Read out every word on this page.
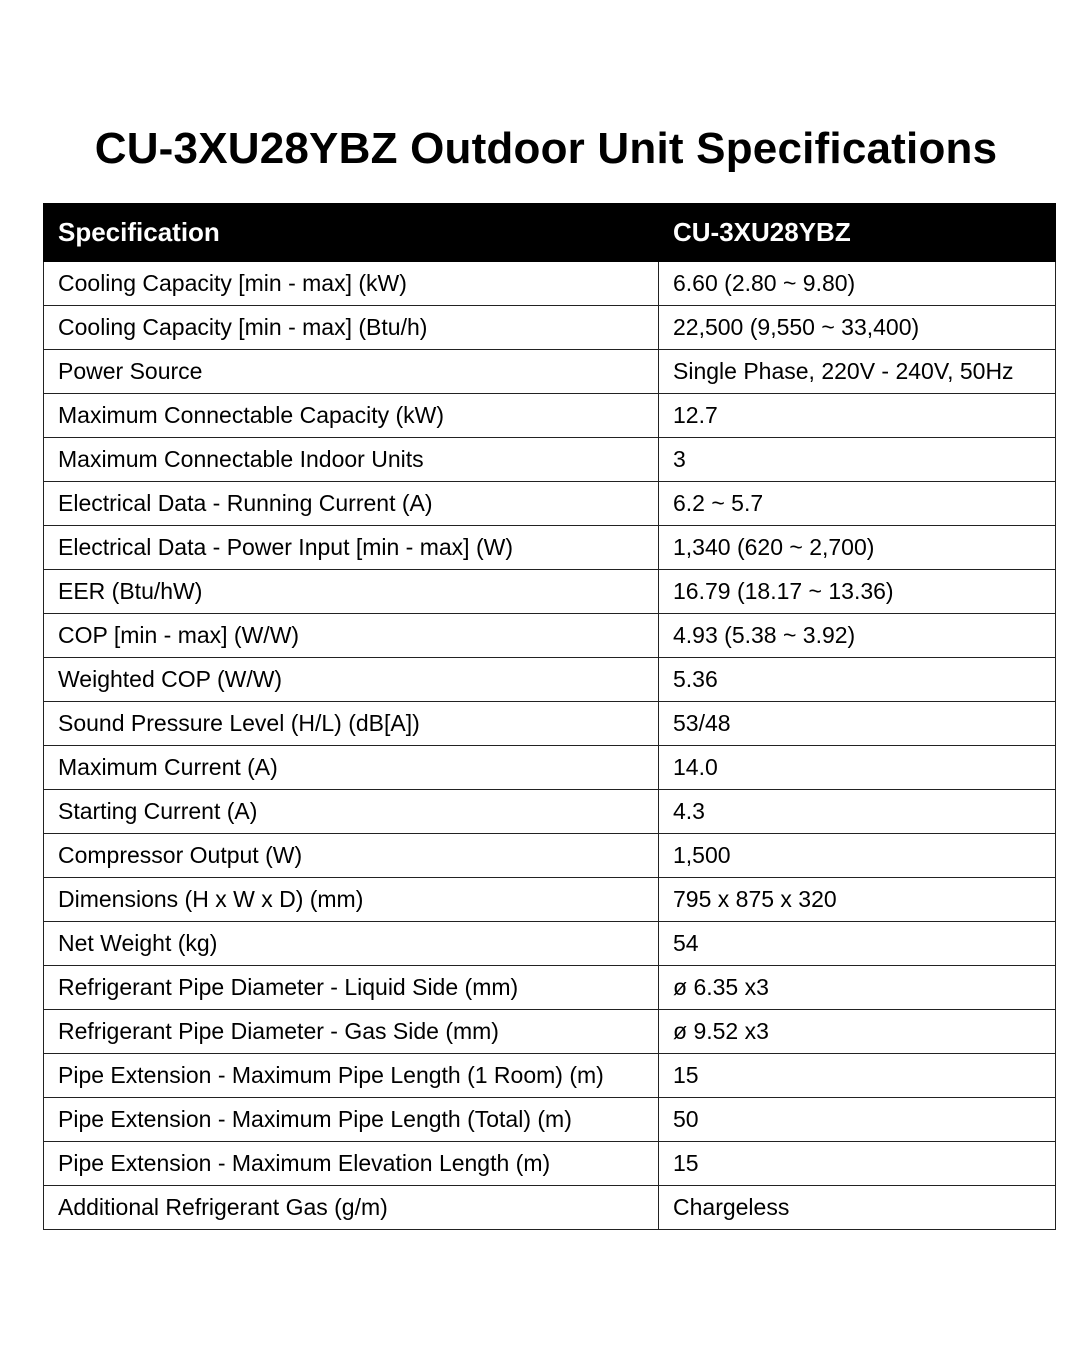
CU-3XU28YBZ Outdoor Unit Specifications
Specification	CU-3XU28YBZ
Cooling Capacity [min - max] (kW)	6.60 (2.80 ~ 9.80)
Cooling Capacity [min - max] (Btu/h)	22,500 (9,550 ~ 33,400)
Power Source	Single Phase, 220V - 240V, 50Hz
Maximum Connectable Capacity (kW)	12.7
Maximum Connectable Indoor Units	3
Electrical Data - Running Current (A)	6.2 ~ 5.7
Electrical Data - Power Input [min - max] (W)	1,340 (620 ~ 2,700)
EER (Btu/hW)	16.79 (18.17 ~ 13.36)
COP [min - max] (W/W)	4.93 (5.38 ~ 3.92)
Weighted COP (W/W)	5.36
Sound Pressure Level (H/L) (dB[A])	53/48
Maximum Current (A)	14.0
Starting Current (A)	4.3
Compressor Output (W)	1,500
Dimensions (H x W x D) (mm)	795 x 875 x 320
Net Weight (kg)	54
Refrigerant Pipe Diameter - Liquid Side (mm)	ø 6.35 x3
Refrigerant Pipe Diameter - Gas Side (mm)	ø 9.52 x3
Pipe Extension - Maximum Pipe Length (1 Room) (m)	15
Pipe Extension - Maximum Pipe Length (Total) (m)	50
Pipe Extension - Maximum Elevation Length (m)	15
Additional Refrigerant Gas (g/m)	Chargeless
